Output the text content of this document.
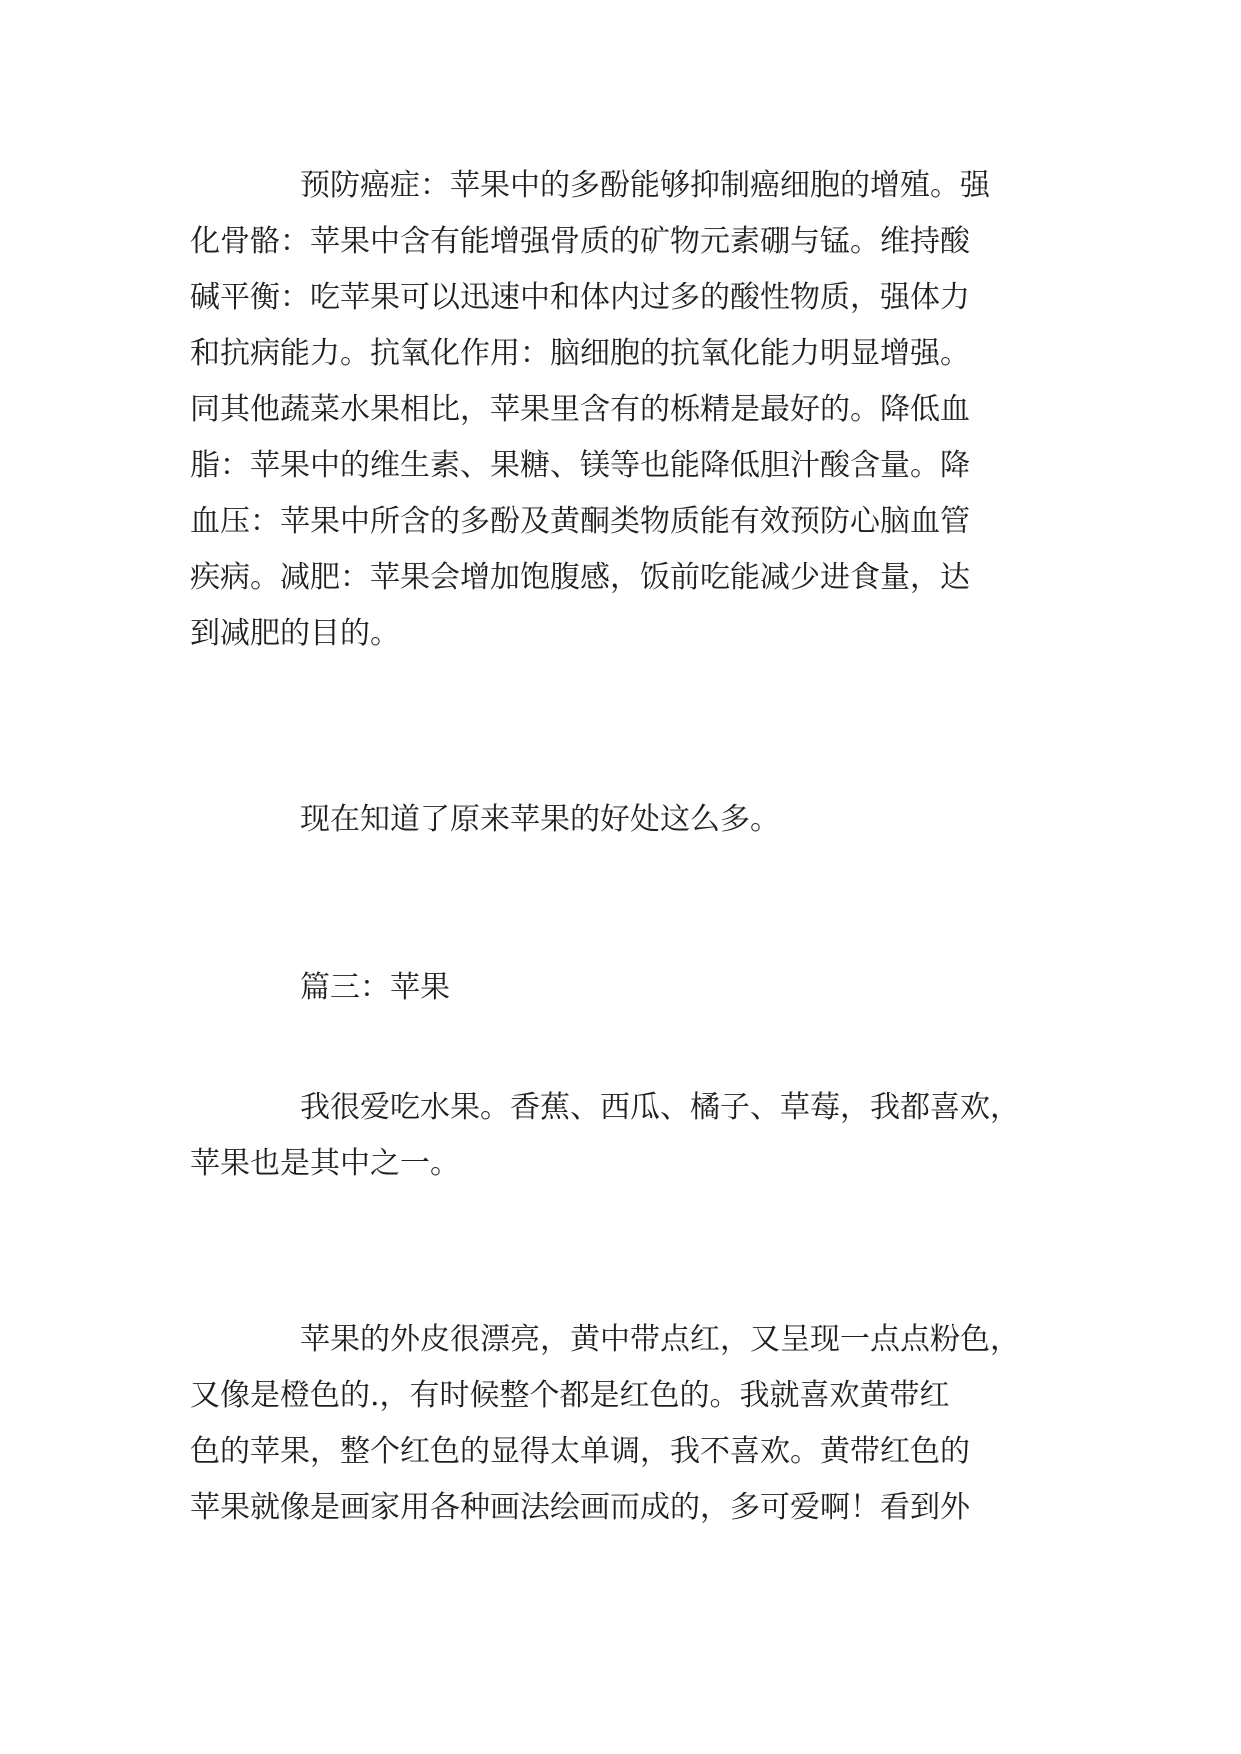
预防癌症：苹果中的多酚能够抑制癌细胞的增殖。强

化骨骼：苹果中含有能增强骨质的矿物元素硼与锰。维持酸

碱平衡：吃苹果可以迅速中和体内过多的酸性物质，强体力

和抗病能力。抗氧化作用：脑细胞的抗氧化能力明显增强。

同其他蔬菜水果相比，苹果里含有的栎精是最好的。降低血

脂：苹果中的维生素、果糖、镁等也能降低胆汁酸含量。降

血压：苹果中所含的多酚及黄酮类物质能有效预防心脑血管

疾病。减肥：苹果会增加饱腹感，饭前吃能减少进食量，达

到减肥的目的。

现在知道了原来苹果的好处这么多。

篇三：苹果

我很爱吃水果。香蕉、西瓜、橘子、草莓，我都喜欢，

苹果也是其中之一。

苹果的外皮很漂亮，黄中带点红，又呈现一点点粉色，

又像是橙色的.，有时候整个都是红色的。我就喜欢黄带红

色的苹果，整个红色的显得太单调，我不喜欢。黄带红色的

苹果就像是画家用各种画法绘画而成的，多可爱啊！看到外
